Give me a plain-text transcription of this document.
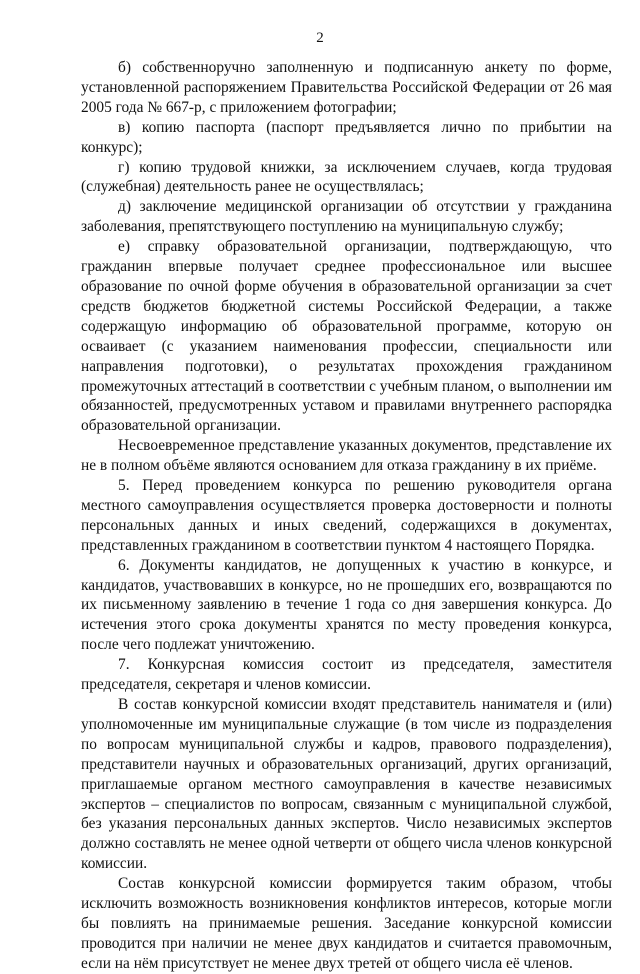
2

б) собственноручно заполненную и подписанную анкету по форме, установленной распоряжением Правительства Российской Федерации от 26 мая 2005 года № 667-р, с приложением фотографии;

в) копию паспорта (паспорт предъявляется лично по прибытии на конкурс);

г) копию трудовой книжки, за исключением случаев, когда трудовая (служебная) деятельность ранее не осуществлялась;

д) заключение медицинской организации об отсутствии у гражданина заболевания, препятствующего поступлению на муниципальную службу;

е) справку образовательной организации, подтверждающую, что гражданин впервые получает среднее профессиональное или высшее образование по очной форме обучения в образовательной организации за счет средств бюджетов бюджетной системы Российской Федерации, а также содержащую информацию об образовательной программе, которую он осваивает (с указанием наименования профессии, специальности или направления подготовки), о результатах прохождения гражданином промежуточных аттестаций в соответствии с учебным планом, о выполнении им обязанностей, предусмотренных уставом и правилами внутреннего распорядка образовательной организации.

Несвоевременное представление указанных документов, представление их не в полном объёме являются основанием для отказа гражданину в их приёме.

5. Перед проведением конкурса по решению руководителя органа местного самоуправления осуществляется проверка достоверности и полноты персональных данных и иных сведений, содержащихся в документах, представленных гражданином в соответствии пунктом 4 настоящего Порядка.

6. Документы кандидатов, не допущенных к участию в конкурсе, и кандидатов, участвовавших в конкурсе, но не прошедших его, возвращаются по их письменному заявлению в течение 1 года со дня завершения конкурса. До истечения этого срока документы хранятся по месту проведения конкурса, после чего подлежат уничтожению.

7. Конкурсная комиссия состоит из председателя, заместителя председателя, секретаря и членов комиссии.

В состав конкурсной комиссии входят представитель нанимателя и (или) уполномоченные им муниципальные служащие (в том числе из подразделения по вопросам муниципальной службы и кадров, правового подразделения), представители научных и образовательных организаций, других организаций, приглашаемые органом местного самоуправления в качестве независимых экспертов – специалистов по вопросам, связанным с муниципальной службой, без указания персональных данных экспертов. Число независимых экспертов должно составлять не менее одной четверти от общего числа членов конкурсной комиссии.

Состав конкурсной комиссии формируется таким образом, чтобы исключить возможность возникновения конфликтов интересов, которые могли бы повлиять на принимаемые решения. Заседание конкурсной комиссии проводится при наличии не менее двух кандидатов и считается правомочным, если на нём присутствует не менее двух третей от общего числа её членов.
